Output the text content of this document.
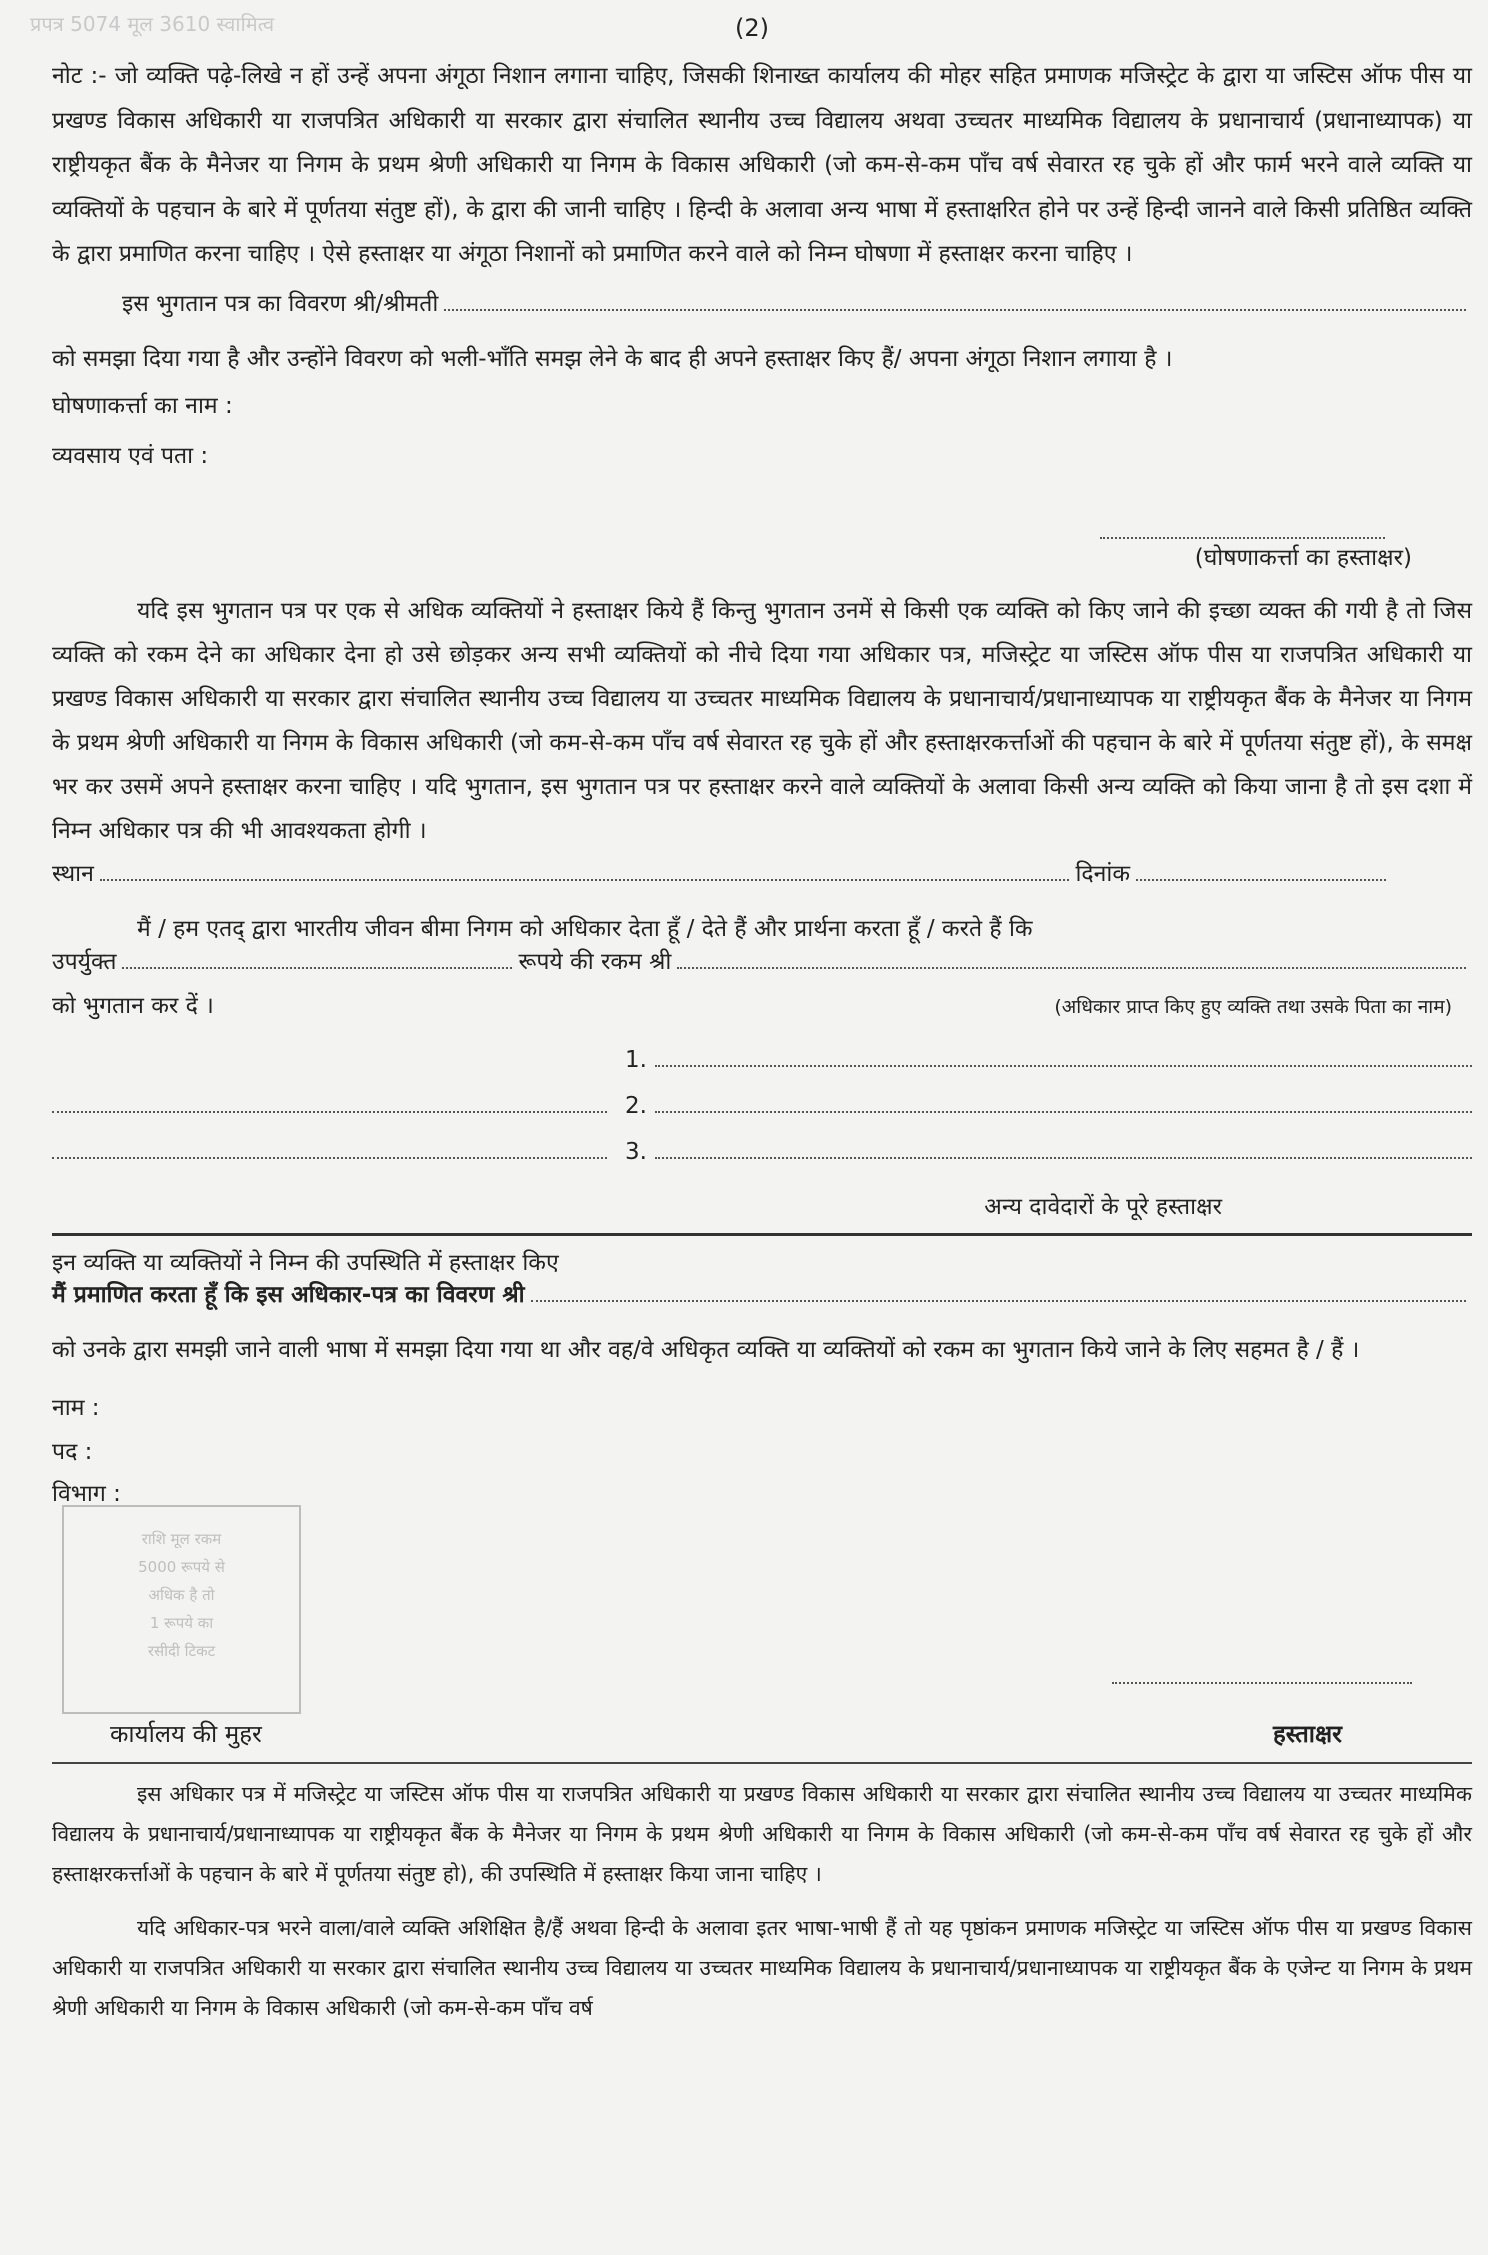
प्रपत्र 5074 मूल 3610 स्वामित्व	(2)

नोट :- जो व्यक्ति पढ़े-लिखे न हों उन्हें अपना अंगूठा निशान लगाना चाहिए, जिसकी शिनाख्त कार्यालय की मोहर सहित प्रमाणक मजिस्ट्रेट के द्वारा या जस्टिस ऑफ पीस या प्रखण्ड विकास अधिकारी या राजपत्रित अधिकारी या सरकार द्वारा संचालित स्थानीय उच्च विद्यालय अथवा उच्चतर माध्यमिक विद्यालय के प्रधानाचार्य (प्रधानाध्यापक) या राष्ट्रीयकृत बैंक के मैनेजर या निगम के प्रथम श्रेणी अधिकारी या निगम के विकास अधिकारी (जो कम-से-कम पाँच वर्ष सेवारत रह चुके हों और फार्म भरने वाले व्यक्ति या व्यक्तियों के पहचान के बारे में पूर्णतया संतुष्ट हों), के द्वारा की जानी चाहिए । हिन्दी के अलावा अन्य भाषा में हस्ताक्षरित होने पर उन्हें हिन्दी जानने वाले किसी प्रतिष्ठित व्यक्ति के द्वारा प्रमाणित करना चाहिए । ऐसे हस्ताक्षर या अंगूठा निशानों को प्रमाणित करने वाले को निम्न घोषणा में हस्ताक्षर करना चाहिए ।

इस भुगतान पत्र का विवरण श्री/श्रीमती

को समझा दिया गया है और उन्होंने विवरण को भली-भाँति समझ लेने के बाद ही अपने हस्ताक्षर किए हैं/ अपना अंगूठा निशान लगाया है ।

घोषणाकर्त्ता का नाम :
व्यवसाय एवं पता :
(घोषणाकर्त्ता का हस्ताक्षर)

यदि इस भुगतान पत्र पर एक से अधिक व्यक्तियों ने हस्ताक्षर किये हैं किन्तु भुगतान उनमें से किसी एक व्यक्ति को किए जाने की इच्छा व्यक्त की गयी है तो जिस व्यक्ति को रकम देने का अधिकार देना हो उसे छोड़कर अन्य सभी व्यक्तियों को नीचे दिया गया अधिकार पत्र, मजिस्ट्रेट या जस्टिस ऑफ पीस या राजपत्रित अधिकारी या प्रखण्ड विकास अधिकारी या सरकार द्वारा संचालित स्थानीय उच्च विद्यालय या उच्चतर माध्यमिक विद्यालय के प्रधानाचार्य/प्रधानाध्यापक या राष्ट्रीयकृत बैंक के मैनेजर या निगम के प्रथम श्रेणी अधिकारी या निगम के विकास अधिकारी (जो कम-से-कम पाँच वर्ष सेवारत रह चुके हों और हस्ताक्षरकर्त्ताओं की पहचान के बारे में पूर्णतया संतुष्ट हों), के समक्ष भर कर उसमें अपने हस्ताक्षर करना चाहिए । यदि भुगतान, इस भुगतान पत्र पर हस्ताक्षर करने वाले व्यक्तियों के अलावा किसी अन्य व्यक्ति को किया जाना है तो इस दशा में निम्न अधिकार पत्र की भी आवश्यकता होगी ।

स्थान	दिनांक

मैं / हम एतद् द्वारा भारतीय जीवन बीमा निगम को अधिकार देता हूँ / देते हैं और प्रार्थना करता हूँ / करते हैं कि

उपर्युक्त	रूपये की रकम श्री
को भुगतान कर दें ।	(अधिकार प्राप्त किए हुए व्यक्ति तथा उसके पिता का नाम)
1.
2.
3.
अन्य दावेदारों के पूरे हस्ताक्षर
इन व्यक्ति या व्यक्तियों ने निम्न की उपस्थिति में हस्ताक्षर किए
मैं प्रमाणित करता हूँ कि इस अधिकार-पत्र का विवरण श्री

को उनके द्वारा समझी जाने वाली भाषा में समझा दिया गया था और वह/वे अधिकृत व्यक्ति या व्यक्तियों को रकम का भुगतान किये जाने के लिए सहमत है / हैं ।

नाम :
पद :
विभाग :
राशि मूल रकम
5000 रूपये से
अधिक है तो
1 रूपये का
रसीदी टिकट
कार्यालय की मुहर	हस्ताक्षर

इस अधिकार पत्र में मजिस्ट्रेट या जस्टिस ऑफ पीस या राजपत्रित अधिकारी या प्रखण्ड विकास अधिकारी या सरकार द्वारा संचालित स्थानीय उच्च विद्यालय या उच्चतर माध्यमिक विद्यालय के प्रधानाचार्य/प्रधानाध्यापक या राष्ट्रीयकृत बैंक के मैनेजर या निगम के प्रथम श्रेणी अधिकारी या निगम के विकास अधिकारी (जो कम-से-कम पाँच वर्ष सेवारत रह चुके हों और हस्ताक्षरकर्त्ताओं के पहचान के बारे में पूर्णतया संतुष्ट हो), की उपस्थिति में हस्ताक्षर किया जाना चाहिए ।

यदि अधिकार-पत्र भरने वाला/वाले व्यक्ति अशिक्षित है/हैं अथवा हिन्दी के अलावा इतर भाषा-भाषी हैं तो यह पृष्ठांकन प्रमाणक मजिस्ट्रेट या जस्टिस ऑफ पीस या प्रखण्ड विकास अधिकारी या राजपत्रित अधिकारी या सरकार द्वारा संचालित स्थानीय उच्च विद्यालय या उच्चतर माध्यमिक विद्यालय के प्रधानाचार्य/प्रधानाध्यापक या राष्ट्रीयकृत बैंक के एजेन्ट या निगम के प्रथम श्रेणी अधिकारी या निगम के विकास अधिकारी (जो कम-से-कम पाँच वर्ष
